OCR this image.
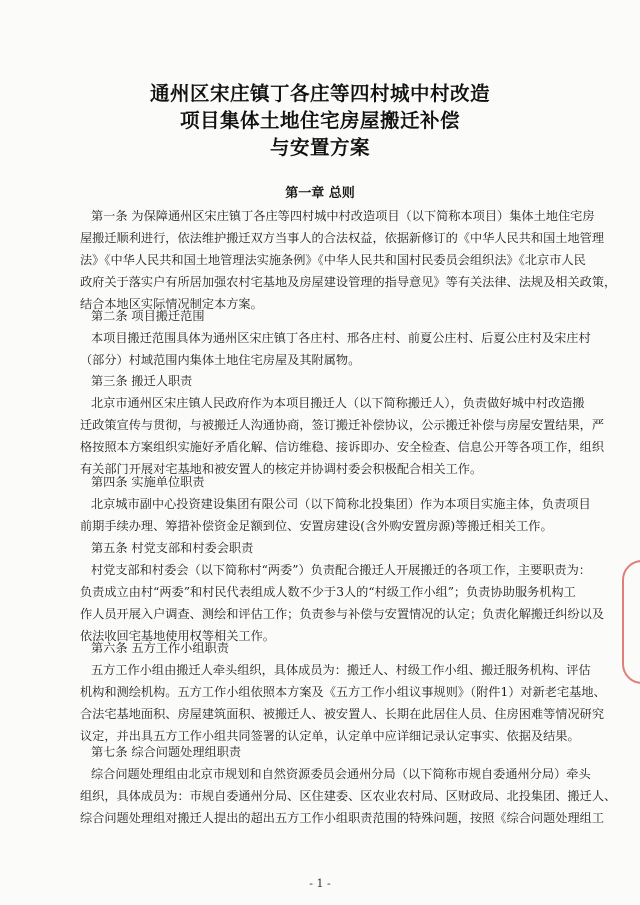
通州区宋庄镇丁各庄等四村城中村改造
项目集体土地住宅房屋搬迁补偿
与安置方案
第一章 总则
第一条 为保障通州区宋庄镇丁各庄等四村城中村改造项目（以下简称本项目）集体土地住宅房
屋搬迁顺利进行，依法维护搬迁双方当事人的合法权益，依据新修订的《中华人民共和国土地管理
法》《中华人民共和国土地管理法实施条例》《中华人民共和国村民委员会组织法》《北京市人民
政府关于落实户有所居加强农村宅基地及房屋建设管理的指导意见》等有关法律、法规及相关政策，
结合本地区实际情况制定本方案。
第二条 项目搬迁范围
本项目搬迁范围具体为通州区宋庄镇丁各庄村、邢各庄村、前夏公庄村、后夏公庄村及宋庄村
（部分）村域范围内集体土地住宅房屋及其附属物。
第三条 搬迁人职责
北京市通州区宋庄镇人民政府作为本项目搬迁人（以下简称搬迁人），负责做好城中村改造搬
迁政策宣传与贯彻，与被搬迁人沟通协商，签订搬迁补偿协议，公示搬迁补偿与房屋安置结果，严
格按照本方案组织实施好矛盾化解、信访维稳、接诉即办、安全检查、信息公开等各项工作，组织
有关部门开展对宅基地和被安置人的核定并协调村委会积极配合相关工作。
第四条 实施单位职责
北京城市副中心投资建设集团有限公司（以下简称北投集团）作为本项目实施主体，负责项目
前期手续办理、筹措补偿资金足额到位、安置房建设(含外购安置房源)等搬迁相关工作。
第五条 村党支部和村委会职责
村党支部和村委会（以下简称村“两委”）负责配合搬迁人开展搬迁的各项工作，主要职责为：
负责成立由村“两委”和村民代表组成人数不少于3人的“村级工作小组”；负责协助服务机构工
作人员开展入户调查、测绘和评估工作；负责参与补偿与安置情况的认定；负责化解搬迁纠纷以及
依法收回宅基地使用权等相关工作。
第六条 五方工作小组职责
五方工作小组由搬迁人牵头组织，具体成员为：搬迁人、村级工作小组、搬迁服务机构、评估
机构和测绘机构。五方工作小组依照本方案及《五方工作小组议事规则》（附件1）对新老宅基地、
合法宅基地面积、房屋建筑面积、被搬迁人、被安置人、长期在此居住人员、住房困难等情况研究
议定，并出具五方工作小组共同签署的认定单，认定单中应详细记录认定事实、依据及结果。
第七条 综合问题处理组职责
综合问题处理组由北京市规划和自然资源委员会通州分局（以下简称市规自委通州分局）牵头
组织，具体成员为：市规自委通州分局、区住建委、区农业农村局、区财政局、北投集团、搬迁人、
综合问题处理组对搬迁人提出的超出五方工作小组职责范围的特殊问题，按照《综合问题处理组工
- 1 -
